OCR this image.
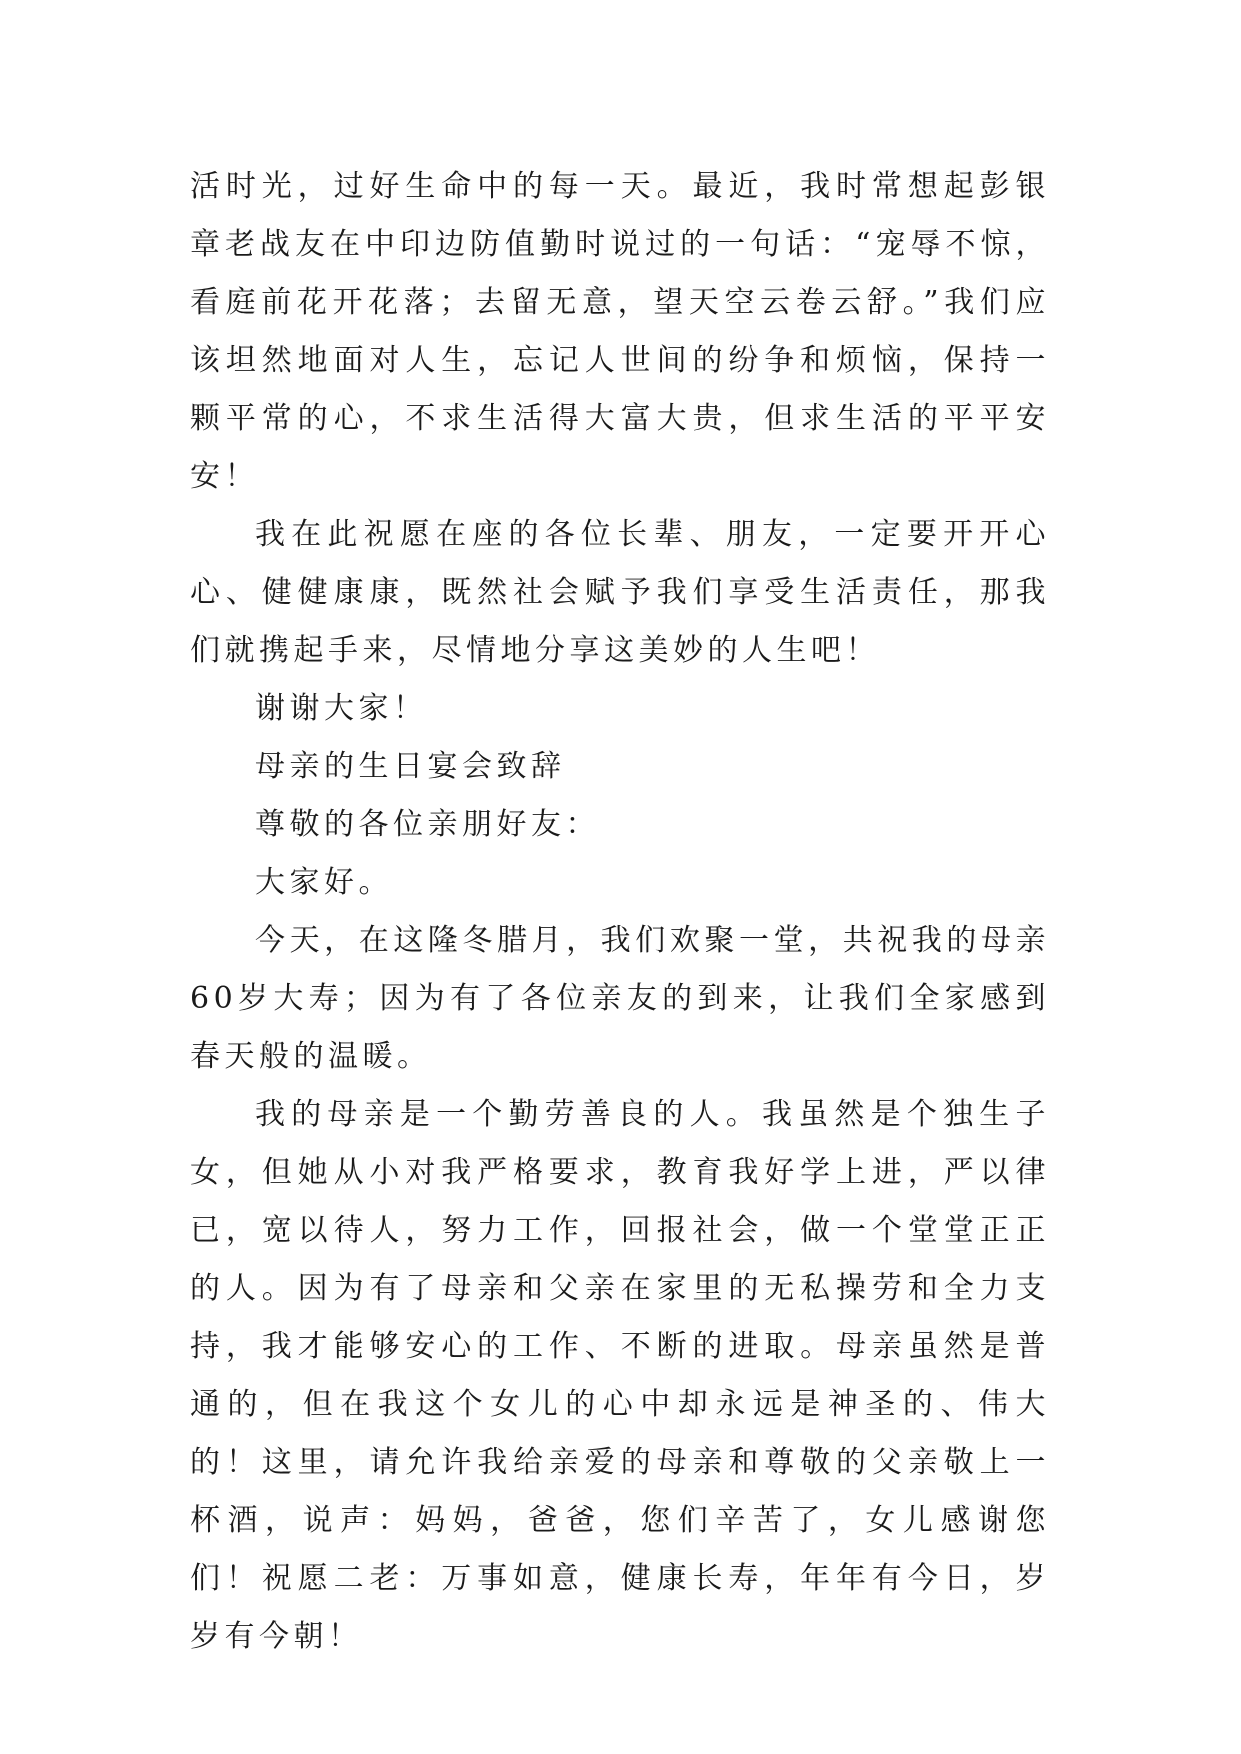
活时光，过好生命中的每一天。最近，我时常想起彭银章老战友在中印边防值勤时说过的一句话：“宠辱不惊，看庭前花开花落；去留无意，望天空云卷云舒。”我们应该坦然地面对人生，忘记人世间的纷争和烦恼，保持一颗平常的心，不求生活得大富大贵，但求生活的平平安安！

我在此祝愿在座的各位长辈、朋友，一定要开开心心、健健康康，既然社会赋予我们享受生活责任，那我们就携起手来，尽情地分享这美妙的人生吧！

谢谢大家！

母亲的生日宴会致辞

尊敬的各位亲朋好友：

大家好。

今天，在这隆冬腊月，我们欢聚一堂，共祝我的母亲60岁大寿；因为有了各位亲友的到来，让我们全家感到春天般的温暖。

我的母亲是一个勤劳善良的人。我虽然是个独生子女，但她从小对我严格要求，教育我好学上进，严以律已，宽以待人，努力工作，回报社会，做一个堂堂正正的人。因为有了母亲和父亲在家里的无私操劳和全力支持，我才能够安心的工作、不断的进取。母亲虽然是普通的，但在我这个女儿的心中却永远是神圣的、伟大的！这里，请允许我给亲爱的母亲和尊敬的父亲敬上一杯酒，说声：妈妈，爸爸，您们辛苦了，女儿感谢您们！祝愿二老：万事如意，健康长寿，年年有今日，岁岁有今朝！
